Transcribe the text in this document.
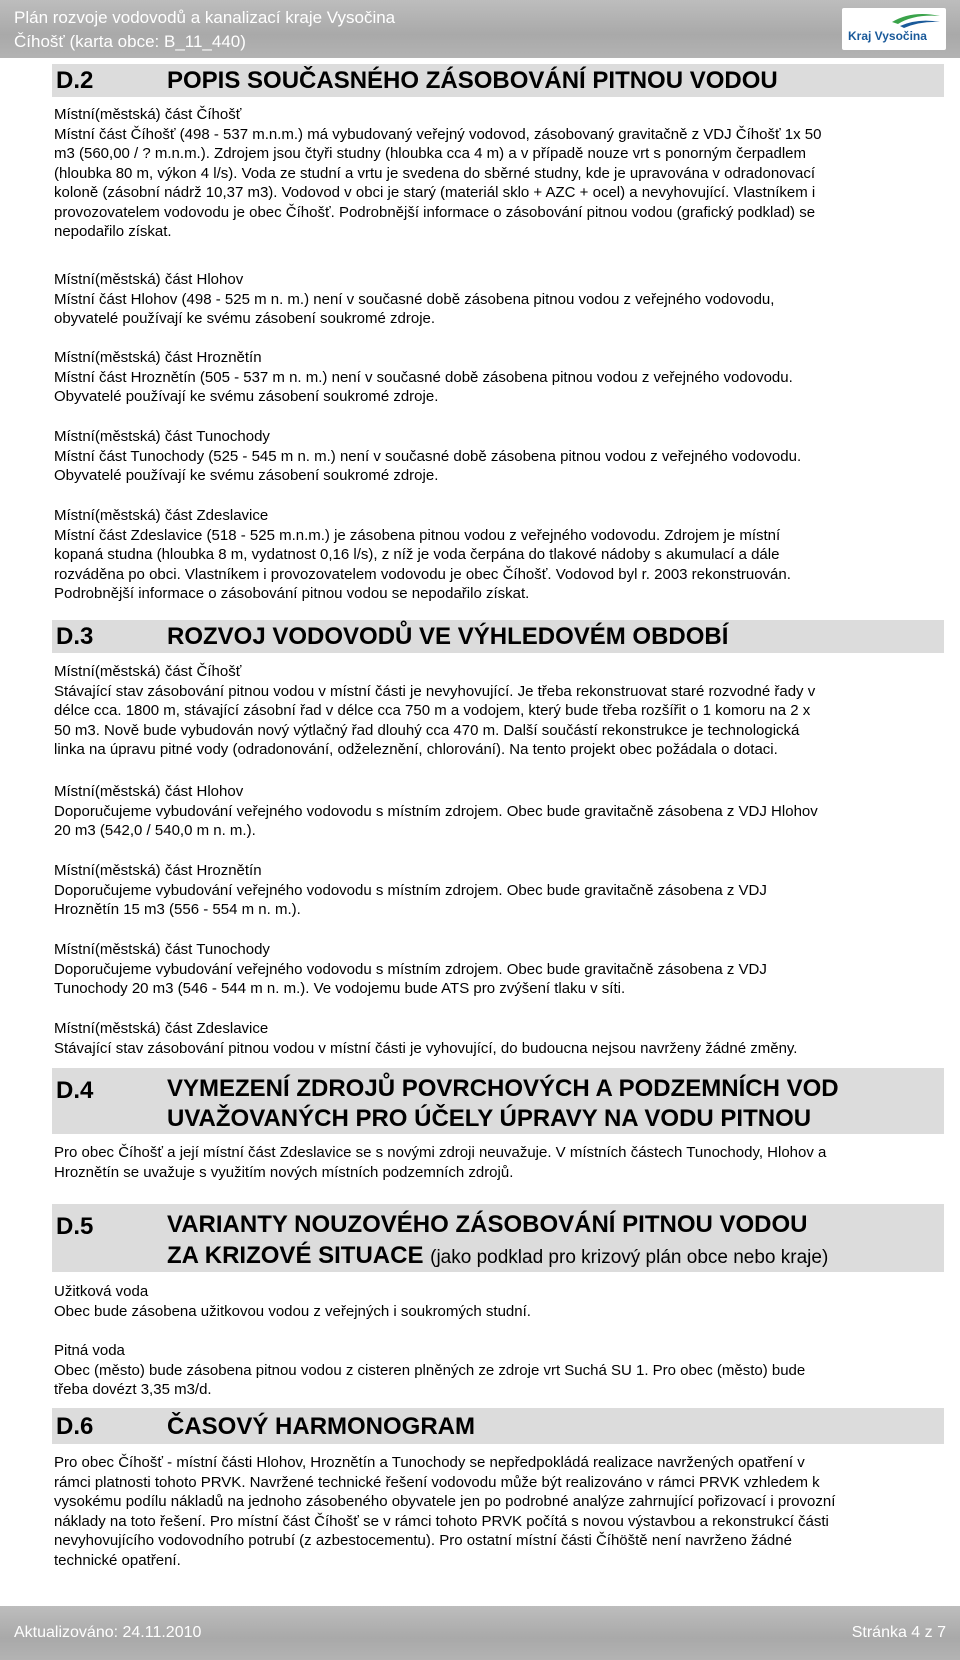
Plán rozvoje vodovodů a kanalizací kraje Vysočina
Číhošť (karta obce: B_11_440)	Kraj Vysočina
D.2	POPIS SOUČASNÉHO ZÁSOBOVÁNÍ PITNOU VODOU
Místní(městská) část Číhošť
Místní část Číhošť (498 - 537 m.n.m.) má vybudovaný veřejný vodovod, zásobovaný gravitačně z VDJ Číhošť 1x 50
m3 (560,00 / ? m.n.m.). Zdrojem jsou čtyři studny (hloubka cca 4 m) a v případě nouze vrt s ponorným čerpadlem
(hloubka 80 m, výkon 4 l/s). Voda ze studní a vrtu je svedena do sběrné studny, kde je upravována v odradonovací
koloně (zásobní nádrž 10,37 m3). Vodovod v obci je starý (materiál sklo + AZC + ocel) a nevyhovující. Vlastníkem i
provozovatelem vodovodu je obec Číhošť. Podrobnější informace o zásobování pitnou vodou (grafický podklad) se
nepodařilo získat.
Místní(městská) část Hlohov
Místní část Hlohov (498 - 525 m n. m.) není v současné době zásobena pitnou vodou z veřejného vodovodu,
obyvatelé používají ke svému zásobení soukromé zdroje.
Místní(městská) část Hroznětín
Místní část Hroznětín (505 - 537 m n. m.) není v současné době zásobena pitnou vodou z veřejného vodovodu.
Obyvatelé používají ke svému zásobení soukromé zdroje.
Místní(městská) část Tunochody
Místní část Tunochody (525 - 545 m n. m.) není v současné době zásobena pitnou vodou z veřejného vodovodu.
Obyvatelé používají ke svému zásobení soukromé zdroje.
Místní(městská) část Zdeslavice
Místní část Zdeslavice (518 - 525 m.n.m.) je zásobena pitnou vodou z veřejného vodovodu. Zdrojem je místní
kopaná studna (hloubka 8 m, vydatnost 0,16 l/s), z níž je voda čerpána do tlakové nádoby s akumulací a dále
rozváděna po obci. Vlastníkem i provozovatelem vodovodu je obec Číhošť. Vodovod byl r. 2003 rekonstruován.
Podrobnější informace o zásobování pitnou vodou se nepodařilo získat.
D.3	ROZVOJ VODOVODŮ VE VÝHLEDOVÉM OBDOBÍ
Místní(městská) část Číhošť
Stávající stav zásobování pitnou vodou v místní části je nevyhovující. Je třeba rekonstruovat staré rozvodné řady v
délce cca. 1800 m, stávající zásobní řad v délce cca 750 m a vodojem, který bude třeba rozšířit o 1 komoru na 2 x
50 m3. Nově bude vybudován nový výtlačný řad dlouhý cca 470 m. Další součástí rekonstrukce je technologická
linka na úpravu pitné vody (odradonování, odželeznění, chlorování). Na tento projekt obec požádala o dotaci.
Místní(městská) část Hlohov
Doporučujeme vybudování veřejného vodovodu s místním zdrojem. Obec bude gravitačně zásobena z VDJ Hlohov
20 m3 (542,0 / 540,0 m n. m.).
Místní(městská) část Hroznětín
Doporučujeme vybudování veřejného vodovodu s místním zdrojem. Obec bude gravitačně zásobena z VDJ
Hroznětín 15 m3 (556 - 554 m n. m.).
Místní(městská) část Tunochody
Doporučujeme vybudování veřejného vodovodu s místním zdrojem. Obec bude gravitačně zásobena z VDJ
Tunochody 20 m3 (546 - 544 m n. m.). Ve vodojemu bude ATS pro zvýšení tlaku v síti.
Místní(městská) část Zdeslavice
Stávající stav zásobování pitnou vodou v místní části je vyhovující, do budoucna nejsou navrženy žádné změny.
D.4	VYMEZENÍ ZDROJŮ POVRCHOVÝCH A PODZEMNÍCH VOD
UVAŽOVANÝCH PRO ÚČELY ÚPRAVY NA VODU PITNOU
Pro obec Číhošť a její místní část Zdeslavice se s novými zdroji neuvažuje. V místních částech Tunochody, Hlohov a
Hroznětín se uvažuje s využitím nových místních podzemních zdrojů.
D.5	VARIANTY NOUZOVÉHO ZÁSOBOVÁNÍ PITNOU VODOU
ZA KRIZOVÉ SITUACE (jako podklad pro krizový plán obce nebo kraje)
Užitková voda
Obec bude zásobena užitkovou vodou z veřejných i soukromých studní.
Pitná voda
Obec (město) bude zásobena pitnou vodou z cisteren plněných ze zdroje vrt Suchá SU 1. Pro obec (město) bude
třeba dovézt 3,35 m3/d.
D.6	ČASOVÝ HARMONOGRAM
Pro obec Číhošť - místní části Hlohov, Hroznětín a Tunochody se nepředpokládá realizace navržených opatření v
rámci platnosti tohoto PRVK. Navržené technické řešení vodovodu může být realizováno v rámci PRVK vzhledem k
vysokému podílu nákladů na jednoho zásobeného obyvatele jen po podrobné analýze zahrnující pořizovací i provozní
náklady na toto řešení. Pro místní část Číhošť se v rámci tohoto PRVK počítá s novou výstavbou a rekonstrukcí části
nevyhovujícího vodovodního potrubí (z azbestocementu). Pro ostatní místní části Číhöště není navrženo žádné
technické opatření.
Aktualizováno: 24.11.2010	Stránka 4 z 7
